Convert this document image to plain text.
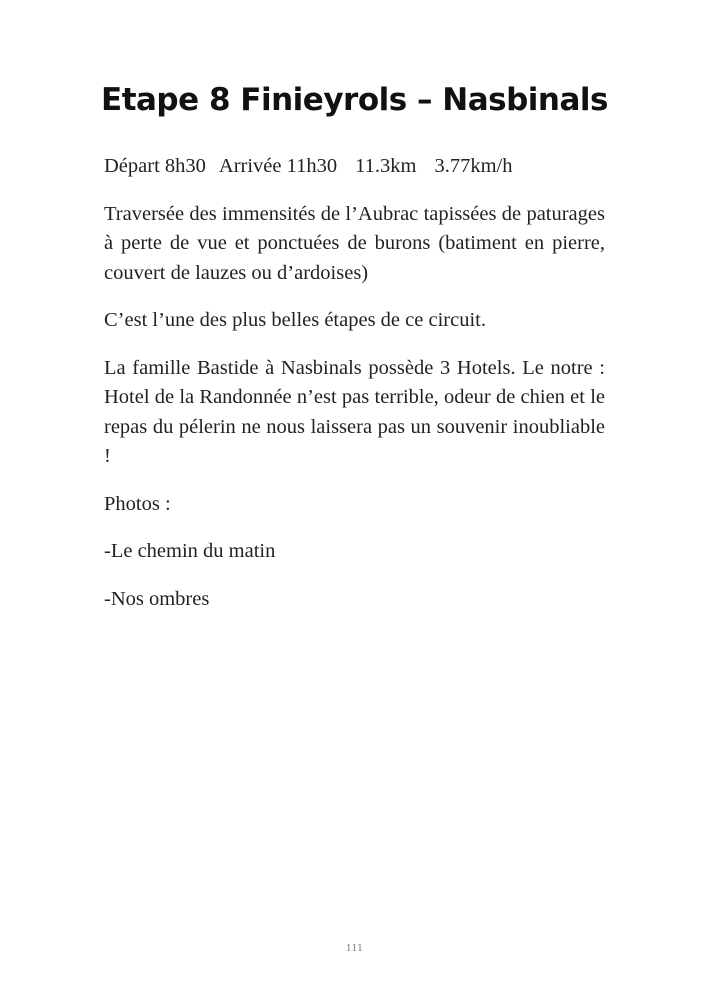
Etape 8 Finieyrols – Nasbinals

Départ 8h30 Arrivée 11h30 11.3km 3.77km/h

Traversée des immensités de l’Aubrac tapissées de paturages à perte de vue et ponctuées de burons (batiment en pierre, couvert de lauzes ou d’ardoises)

C’est l’une des plus belles étapes de ce circuit.

La famille Bastide à Nasbinals possède 3 Hotels. Le notre : Hotel de la Randonnée n’est pas terrible, odeur de chien et le repas du pélerin ne nous laissera pas un souvenir inoubliable !

Photos :

-Le chemin du matin

-Nos ombres

111
